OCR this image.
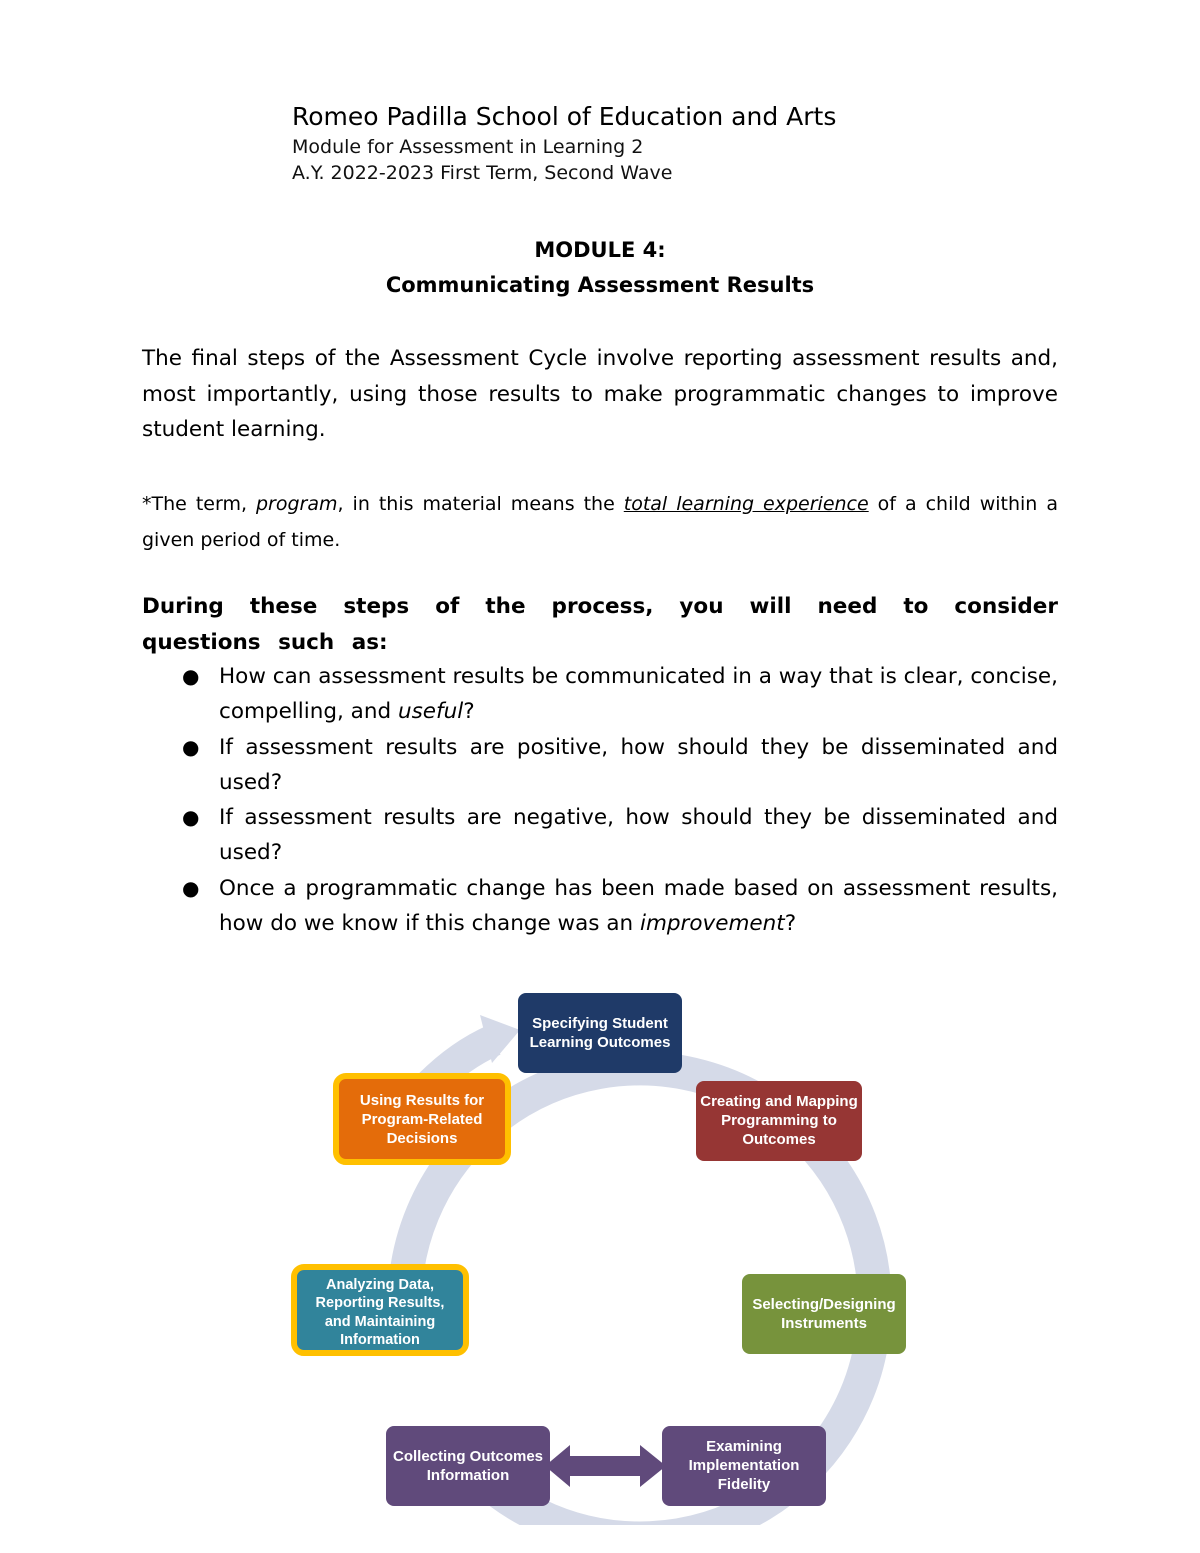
Romeo Padilla School of Education and Arts
Module for Assessment in Learning 2
A.Y. 2022-2023 First Term, Second Wave
MODULE 4:
Communicating Assessment Results
The final steps of the Assessment Cycle involve reporting assessment results and, most importantly, using those results to make programmatic changes to improve student learning.
*The term, program, in this material means the total learning experience of a child within a given period of time.
During these steps of the process, you will need to consider questions such as:
● How can assessment results be communicated in a way that is clear, concise, compelling, and useful?
● If assessment results are positive, how should they be disseminated and used?
● If assessment results are negative, how should they be disseminated and used?
● Once a programmatic change has been made based on assessment results, how do we know if this change was an improvement?
Specifying Student
Learning Outcomes
Creating and Mapping
Programming to
Outcomes
Selecting/Designing
Instruments
Examining
Implementation
Fidelity
Collecting Outcomes
Information
Analyzing Data,
Reporting Results,
and Maintaining
Information
Using Results for
Program-Related
Decisions
